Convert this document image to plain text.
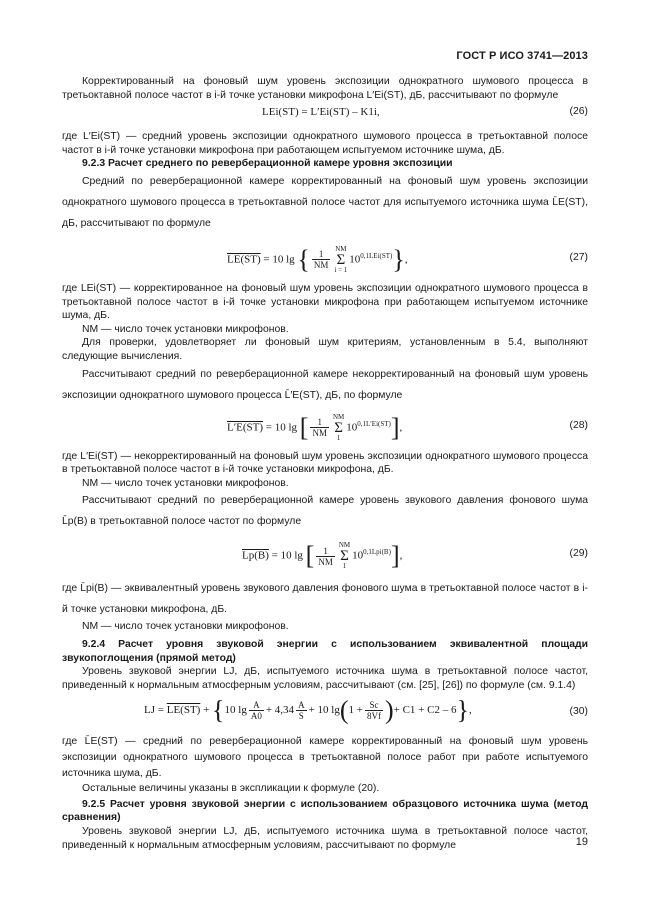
ГОСТ Р ИСО 3741—2013

Корректированный на фоновый шум уровень экспозиции однократного шумового процесса в третьоктавной полосе частот в i-й точке установки микрофона L′Ei(ST), дБ, рассчитывают по формуле

LEi(ST) = L′Ei(ST) – K1i,	(26)

где L′Ei(ST) — средний уровень экспозиции однократного шумового процесса в третьоктавной полосе частот в i-й точке установки микрофона при работающем испытуемом источнике шума, дБ.

9.2.3 Расчет среднего по реверберационной камере уровня экспозиции

Средний по реверберационной камере корректированный на фоновый шум уровень экспозиции однократного шумового процесса в третьоктавной полосе частот для испытуемого источника шума L̄E(ST), дБ, рассчитывают по формуле

LE(ST) = 10 lg { $\frac{1}{NM}$
NM
Σ
$i = 110^{0,1LEi(ST)}$},	(27)

где LEi(ST) — корректированное на фоновый шум уровень экспозиции однократного шумового процесса в третьоктавной полосе частот в i-й точке установки микрофона при работающем испытуемом источнике шума, дБ.

NM — число точек установки микрофонов.

Для проверки, удовлетворяет ли фоновый шум критериям, установленным в 5.4, выполняют следующие вычисления.

Рассчитывают средний по реверберационной камере некорректированный на фоновый шум уровень экспозиции однократного шумового процесса L̄′E(ST), дБ, по формуле

L′E(ST) = 10 lg [ $\frac{1}{NM}$
NM
Σ
$110^{0,1L'Ei(ST)}$],	(28)

где L′Ei(ST) — некорректированный на фоновый шум уровень экспозиции однократного шумового процесса в третьоктавной полосе частот в i-й точке установки микрофона, дБ.

NM — число точек установки микрофонов.

Рассчитывают средний по реверберационной камере уровень звукового давления фонового шума L̄p(B) в третьоктавной полосе частот по формуле

Lp(B) = 10 lg [ $\frac{1}{NM}$
NM
Σ
$110^{0,1Lpi(B)}$],	(29)

где L̄pi(B) — эквивалентный уровень звукового давления фонового шума в третьоктавной полосе частот в i-й точке установки микрофона, дБ.

NM — число точек установки микрофонов.

9.2.4 Расчет уровня звуковой энергии с использованием эквивалентной площади звукопоглощения (прямой метод)

Уровень звуковой энергии LJ, дБ, испытуемого источника шума в третьоктавной полосе частот, приведенный к нормальным атмосферным условиям, рассчитывают (см. [25], [26]) по формуле (см. 9.1.4)

LJ = LE(ST) + {10 $\lg \frac{A}{A0} + 4,34 \frac{A}{S} + 10$ $\lg(1 + \frac{Sc}{8Vf}$ )+ C1 + C2 – 6},	(30)

где L̄E(ST) — средний по реверберационной камере корректированный на фоновый шум уровень экспозиции однократного шумового процесса в третьоктавной полосе работ при работе испытуемого источника шума, дБ.

Остальные величины указаны в экспликации к формуле (20).

9.2.5 Расчет уровня звуковой энергии с использованием образцового источника шума (метод сравнения)

Уровень звуковой энергии LJ, дБ, испытуемого источника шума в третьоктавной полосе частот, приведенный к нормальным атмосферным условиям, рассчитывают по формуле	19
